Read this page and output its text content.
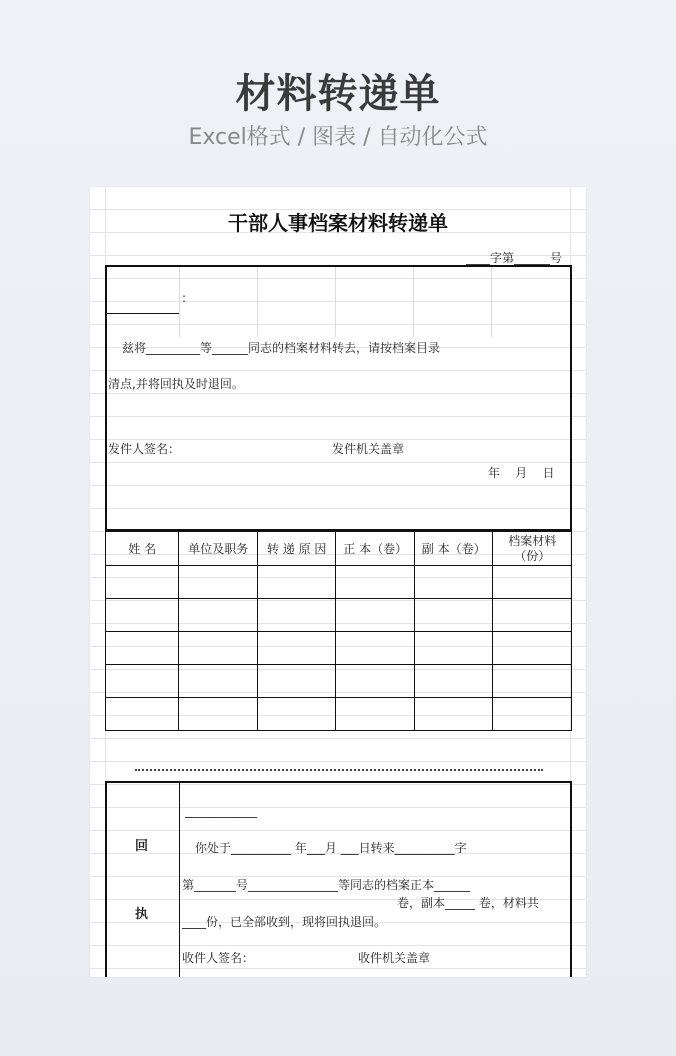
材料转递单
Excel格式 / 图表 / 自动化公式
干部人事档案材料转递单
____字第______号
:
兹将_________等______同志的档案材料转去，请按档案目录
清点,并将回执及时退回。
发件人签名：	发件机关盖章
年    月    日
姓 名	单位及职务	转 递 原 因	正 本（卷）	副 本（卷）	档案材料
（份）

回
执
____________
你处于__________ 年___月 ___日转来__________字
第_______号_______________等同志的档案正本______
卷，副本_____ 卷，材料共
____份，已全部收到，现将回执退回。
收件人签名：	收件机关盖章
